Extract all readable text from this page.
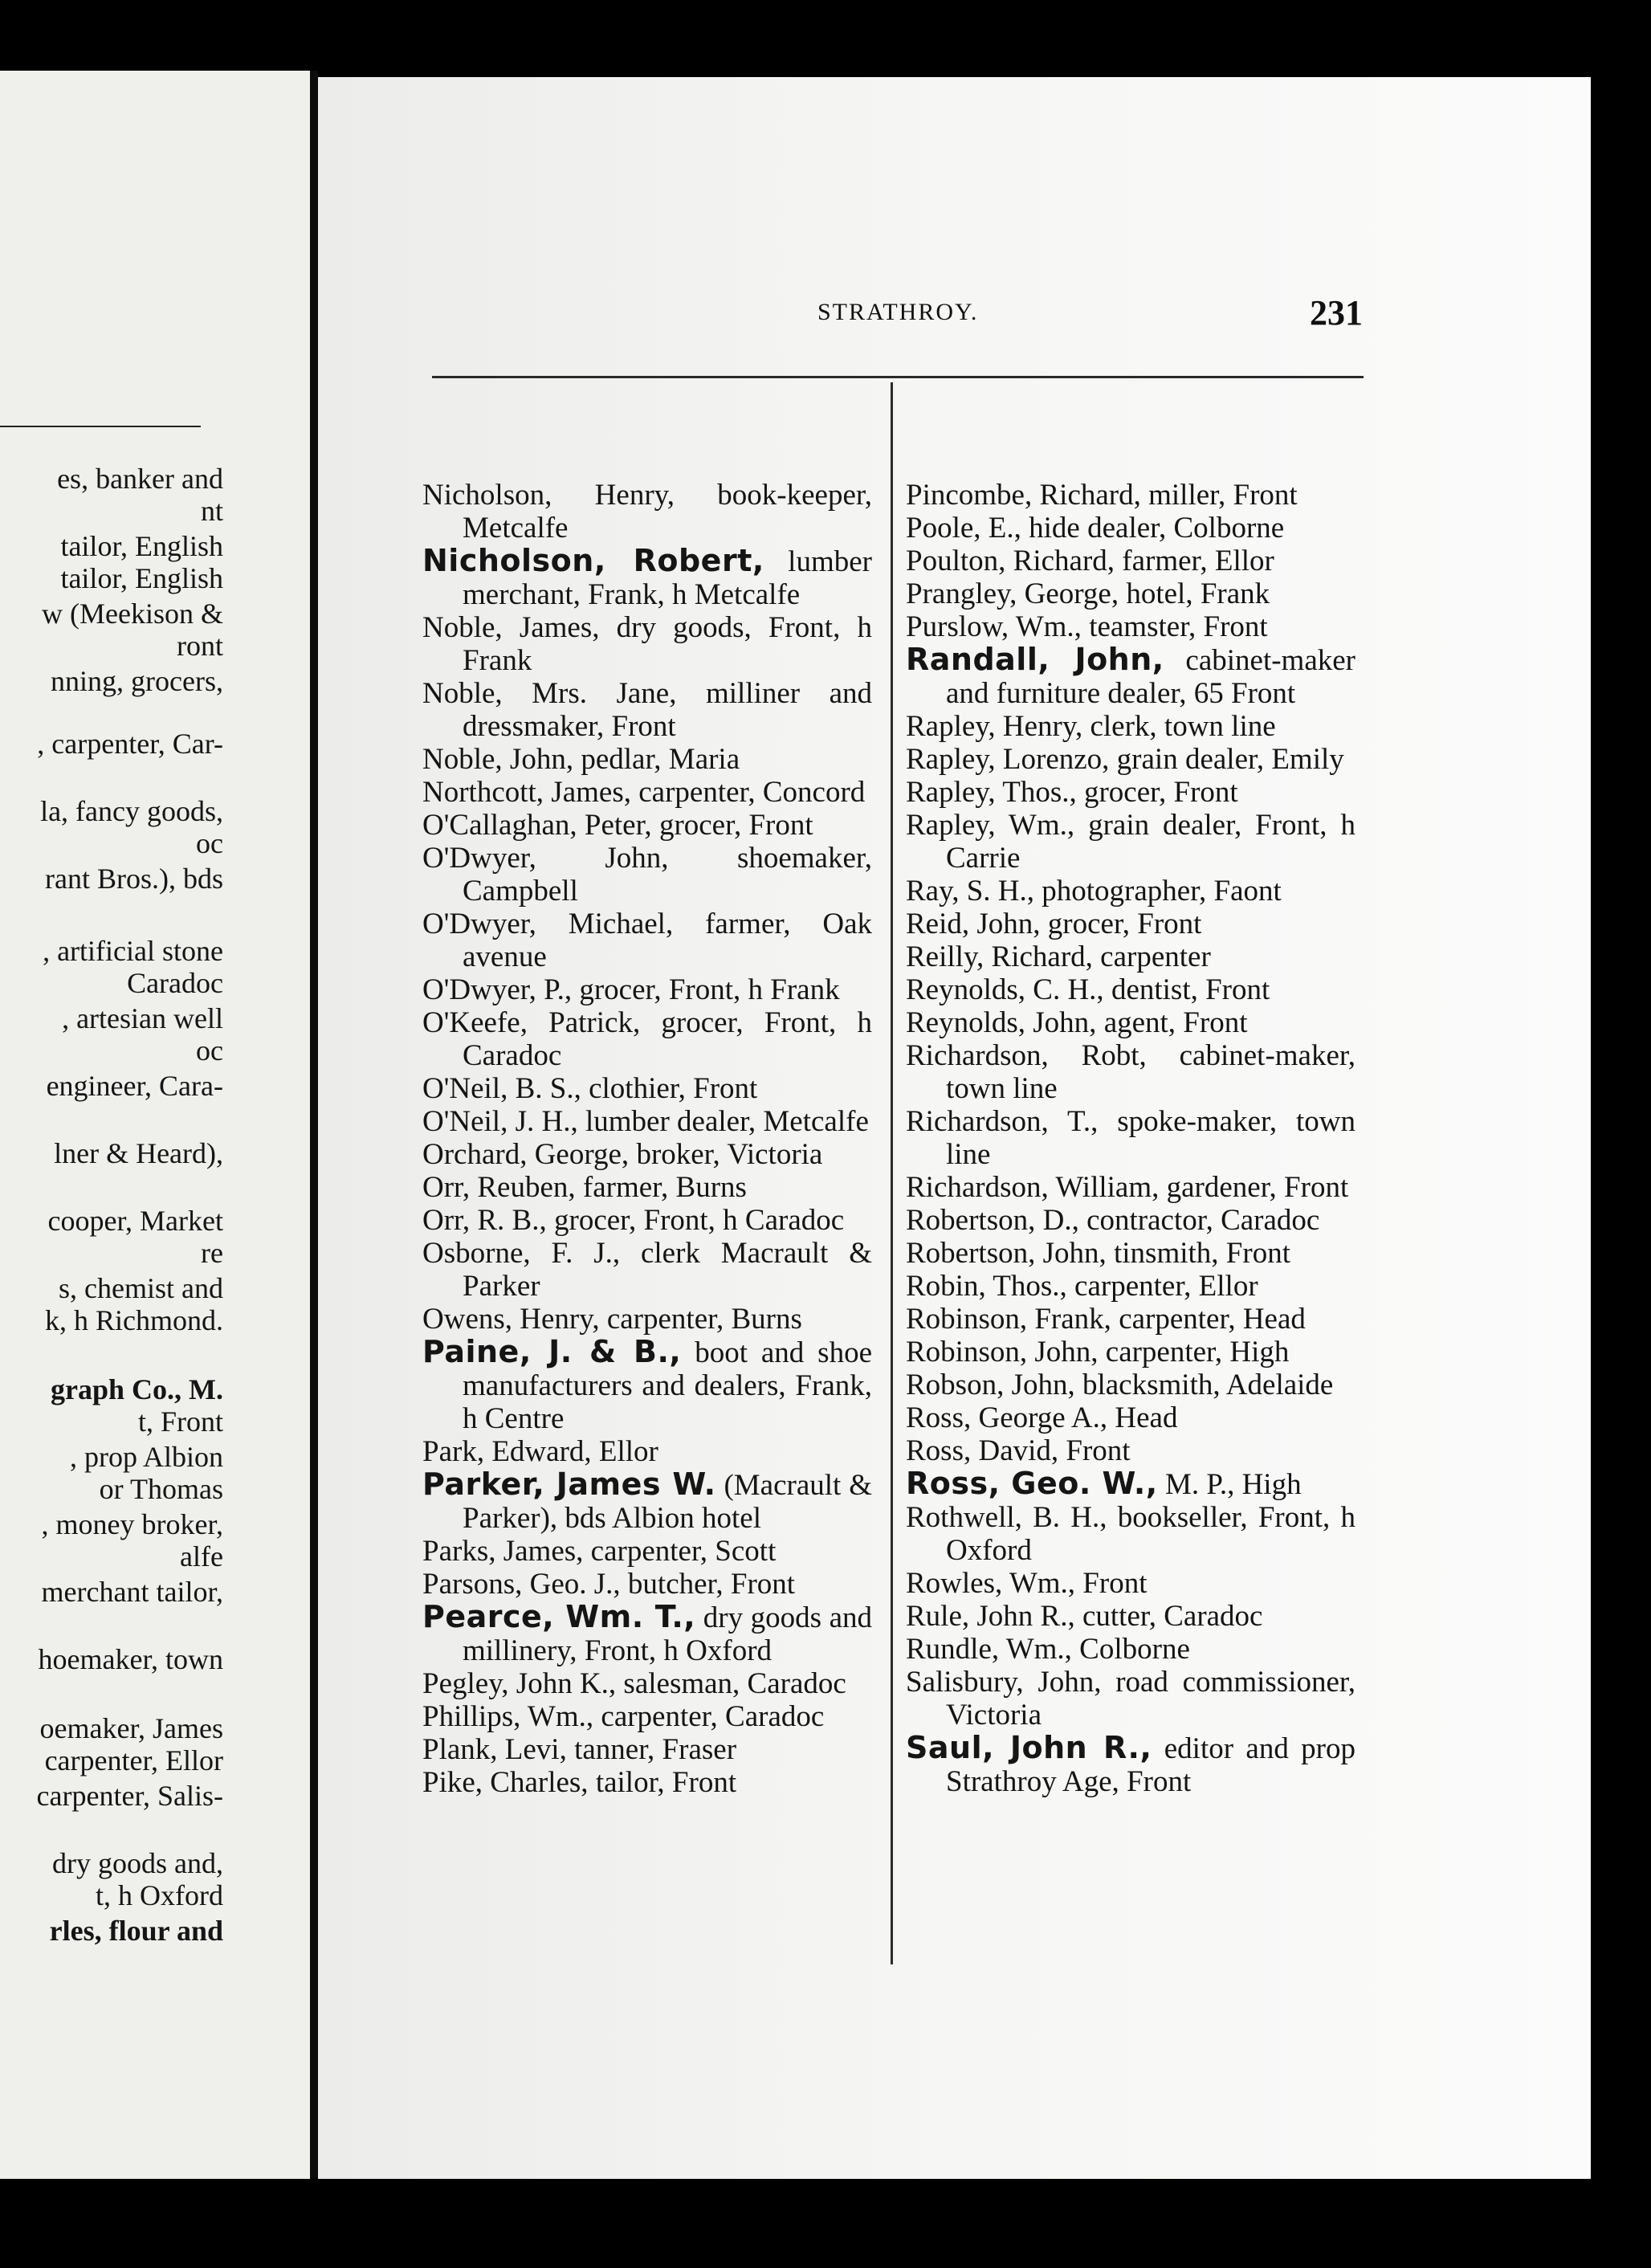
es, banker and
nt
tailor, English
tailor, English
w (Meekison &
ront
nning, grocers,
, carpenter, Car-
la, fancy goods,
oc
rant Bros.), bds
, artificial stone
Caradoc
, artesian well
oc
engineer, Cara-
lner & Heard),
cooper, Market
re
s, chemist and
k, h Richmond.
graph Co., M.
t, Front
, prop Albion
or Thomas
, money broker,
alfe
merchant tailor,
hoemaker, town
oemaker, James
carpenter, Ellor
carpenter, Salis-
dry goods and,
t, h Oxford
rles, flour and
STRATHROY.	231

Nicholson, Henry, book-keeper, Metcalfe

Nicholson, Robert, lumber merchant, Frank, h Metcalfe

Noble, James, dry goods, Front, h Frank

Noble, Mrs. Jane, milliner and dressmaker, Front

Noble, John, pedlar, Maria

Northcott, James, carpenter, Concord

O'Callaghan, Peter, grocer, Front

O'Dwyer, John, shoemaker, Campbell

O'Dwyer, Michael, farmer, Oak avenue

O'Dwyer, P., grocer, Front, h Frank

O'Keefe, Patrick, grocer, Front, h Caradoc

O'Neil, B. S., clothier, Front

O'Neil, J. H., lumber dealer, Metcalfe

Orchard, George, broker, Victoria

Orr, Reuben, farmer, Burns

Orr, R. B., grocer, Front, h Caradoc

Osborne, F. J., clerk Macrault & Parker

Owens, Henry, carpenter, Burns

Paine, J. & B., boot and shoe manufacturers and dealers, Frank, h Centre

Park, Edward, Ellor

Parker, James W. (Macrault & Parker), bds Albion hotel

Parks, James, carpenter, Scott

Parsons, Geo. J., butcher, Front

Pearce, Wm. T., dry goods and millinery, Front, h Oxford

Pegley, John K., salesman, Caradoc

Phillips, Wm., carpenter, Caradoc

Plank, Levi, tanner, Fraser

Pike, Charles, tailor, Front

Pincombe, Richard, miller, Front

Poole, E., hide dealer, Colborne

Poulton, Richard, farmer, Ellor

Prangley, George, hotel, Frank

Purslow, Wm., teamster, Front

Randall, John, cabinet-maker and furniture dealer, 65 Front

Rapley, Henry, clerk, town line

Rapley, Lorenzo, grain dealer, Emily

Rapley, Thos., grocer, Front

Rapley, Wm., grain dealer, Front, h Carrie

Ray, S. H., photographer, Faont

Reid, John, grocer, Front

Reilly, Richard, carpenter

Reynolds, C. H., dentist, Front

Reynolds, John, agent, Front

Richardson, Robt, cabinet-maker, town line

Richardson, T., spoke-maker, town line

Richardson, William, gardener, Front

Robertson, D., contractor, Caradoc

Robertson, John, tinsmith, Front

Robin, Thos., carpenter, Ellor

Robinson, Frank, carpenter, Head

Robinson, John, carpenter, High

Robson, John, blacksmith, Adelaide

Ross, George A., Head

Ross, David, Front

Ross, Geo. W., M. P., High

Rothwell, B. H., bookseller, Front, h Oxford

Rowles, Wm., Front

Rule, John R., cutter, Caradoc

Rundle, Wm., Colborne

Salisbury, John, road commissioner, Victoria

Saul, John R., editor and prop Strathroy Age, Front
